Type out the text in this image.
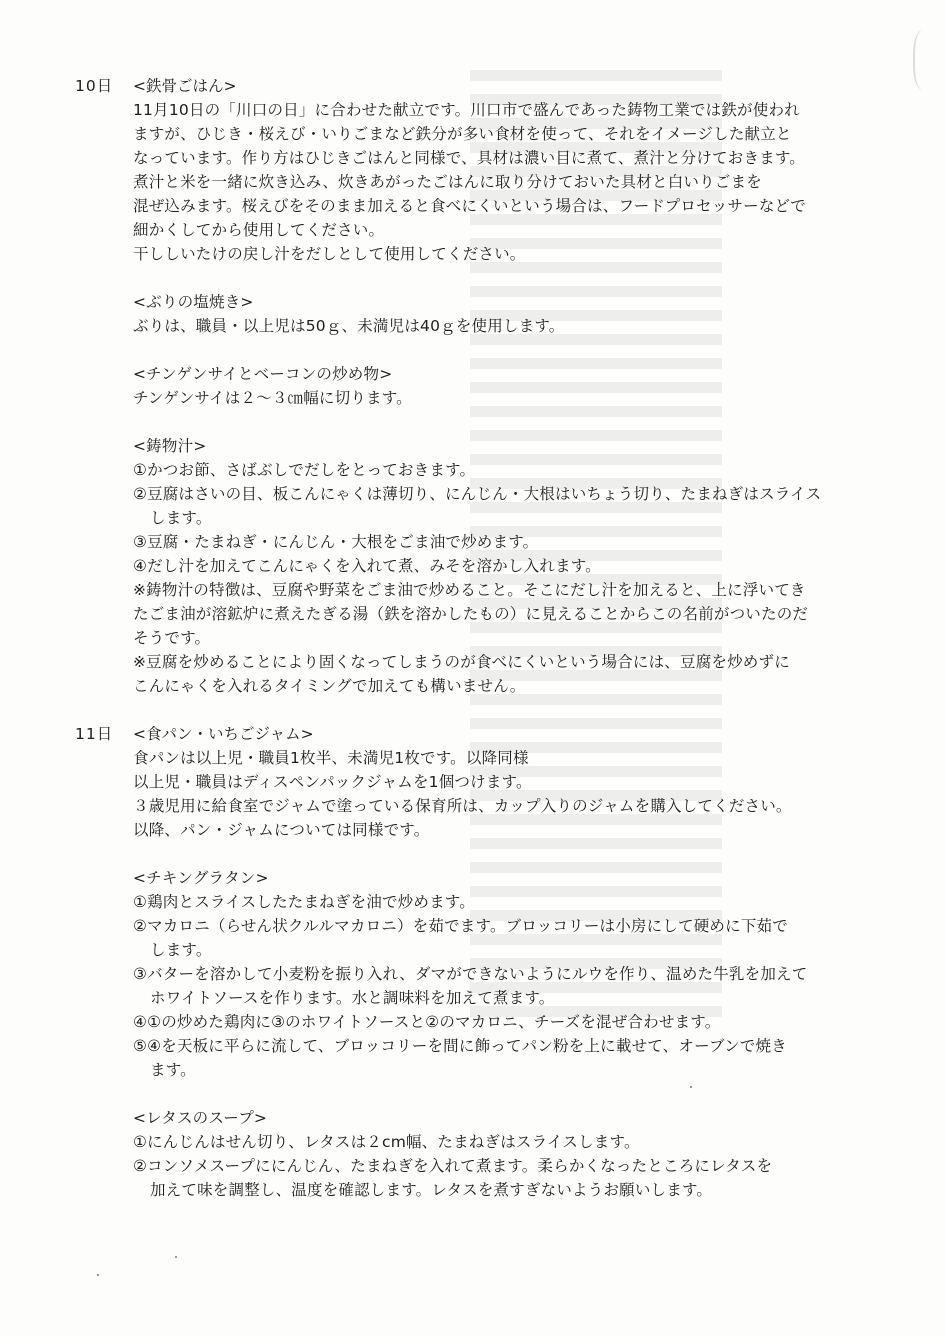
10日 <鉄骨ごはん>
11月10日の「川口の日」に合わせた献立です。川口市で盛んであった鋳物工業では鉄が使われ
ますが、ひじき・桜えび・いりごまなど鉄分が多い食材を使って、それをイメージした献立と
なっています。作り方はひじきごはんと同様で、具材は濃い目に煮て、煮汁と分けておきます。
煮汁と米を一緒に炊き込み、炊きあがったごはんに取り分けておいた具材と白いりごまを
混ぜ込みます。桜えびをそのまま加えると食べにくいという場合は、フードプロセッサーなどで
細かくしてから使用してください。
干ししいたけの戻し汁をだしとして使用してください。
<ぶりの塩焼き>
ぶりは、職員・以上児は50ｇ、未満児は40ｇを使用します。
<チンゲンサイとベーコンの炒め物>
チンゲンサイは２～３㎝幅に切ります。
<鋳物汁>
①かつお節、さばぶしでだしをとっておきます。
②豆腐はさいの目、板こんにゃくは薄切り、にんじん・大根はいちょう切り、たまねぎはスライス
します。
③豆腐・たまねぎ・にんじん・大根をごま油で炒めます。
④だし汁を加えてこんにゃくを入れて煮、みそを溶かし入れます。
※鋳物汁の特徴は、豆腐や野菜をごま油で炒めること。そこにだし汁を加えると、上に浮いてき
たごま油が溶鉱炉に煮えたぎる湯（鉄を溶かしたもの）に見えることからこの名前がついたのだ
そうです。
※豆腐を炒めることにより固くなってしまうのが食べにくいという場合には、豆腐を炒めずに
こんにゃくを入れるタイミングで加えても構いません。
11日 <食パン・いちごジャム>
食パンは以上児・職員1枚半、未満児1枚です。以降同様
以上児・職員はディスペンパックジャムを1個つけます。
３歳児用に給食室でジャムで塗っている保育所は、カップ入りのジャムを購入してください。
以降、パン・ジャムについては同様です。
<チキングラタン>
①鶏肉とスライスしたたまねぎを油で炒めます。
②マカロニ（らせん状クルルマカロニ）を茹でます。ブロッコリーは小房にして硬めに下茹で
します。
③バターを溶かして小麦粉を振り入れ、ダマができないようにルウを作り、温めた牛乳を加えて
ホワイトソースを作ります。水と調味料を加えて煮ます。
④①の炒めた鶏肉に③のホワイトソースと②のマカロニ、チーズを混ぜ合わせます。
⑤④を天板に平らに流して、ブロッコリーを間に飾ってパン粉を上に載せて、オーブンで焼き
ます。
<レタスのスープ>
①にんじんはせん切り、レタスは２cm幅、たまねぎはスライスします。
②コンソメスープににんじん、たまねぎを入れて煮ます。柔らかくなったところにレタスを
加えて味を調整し、温度を確認します。レタスを煮すぎないようお願いします。
